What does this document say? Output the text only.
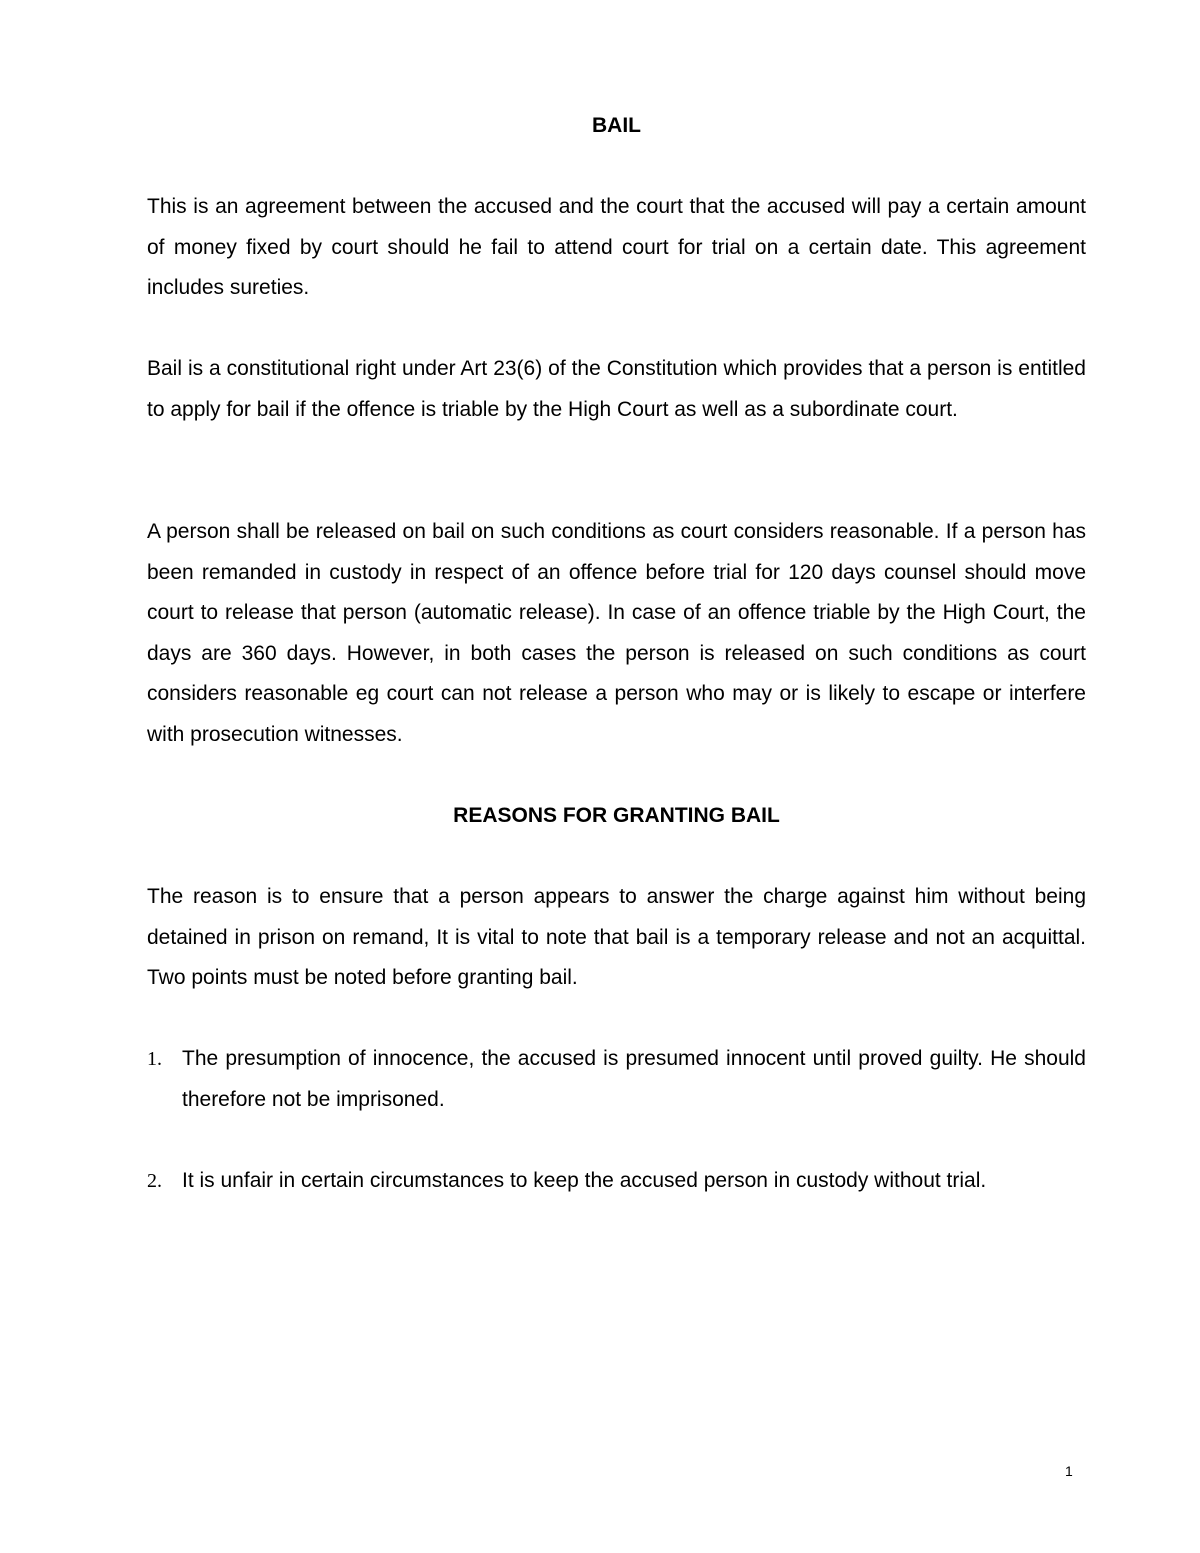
BAIL

This is an agreement between the accused and the court that the accused will pay a certain amount of money fixed by court should he fail to attend court for trial on a certain date. This agreement includes sureties.

Bail is a constitutional right under Art 23(6) of the Constitution which provides that a person is entitled to apply for bail if the offence is triable by the High Court as well as a subordinate court.

A person shall be released on bail on such conditions as court considers reasonable. If a person has been remanded in custody in respect of an offence before trial for 120 days counsel should move court to release that person (automatic release). In case of an offence triable by the High Court, the days are 360 days. However, in both cases the person is released on such conditions as court considers reasonable eg court can not release a person who may or is likely to escape or interfere with prosecution witnesses.

REASONS FOR GRANTING BAIL

The reason is to ensure that a person appears to answer the charge against him without being detained in prison on remand, It is vital to note that bail is a temporary release and not an acquittal. Two points must be noted before granting bail.

1. The presumption of innocence, the accused is presumed innocent until proved guilty. He should therefore not be imprisoned.

2. It is unfair in certain circumstances to keep the accused person in custody without trial.

1
